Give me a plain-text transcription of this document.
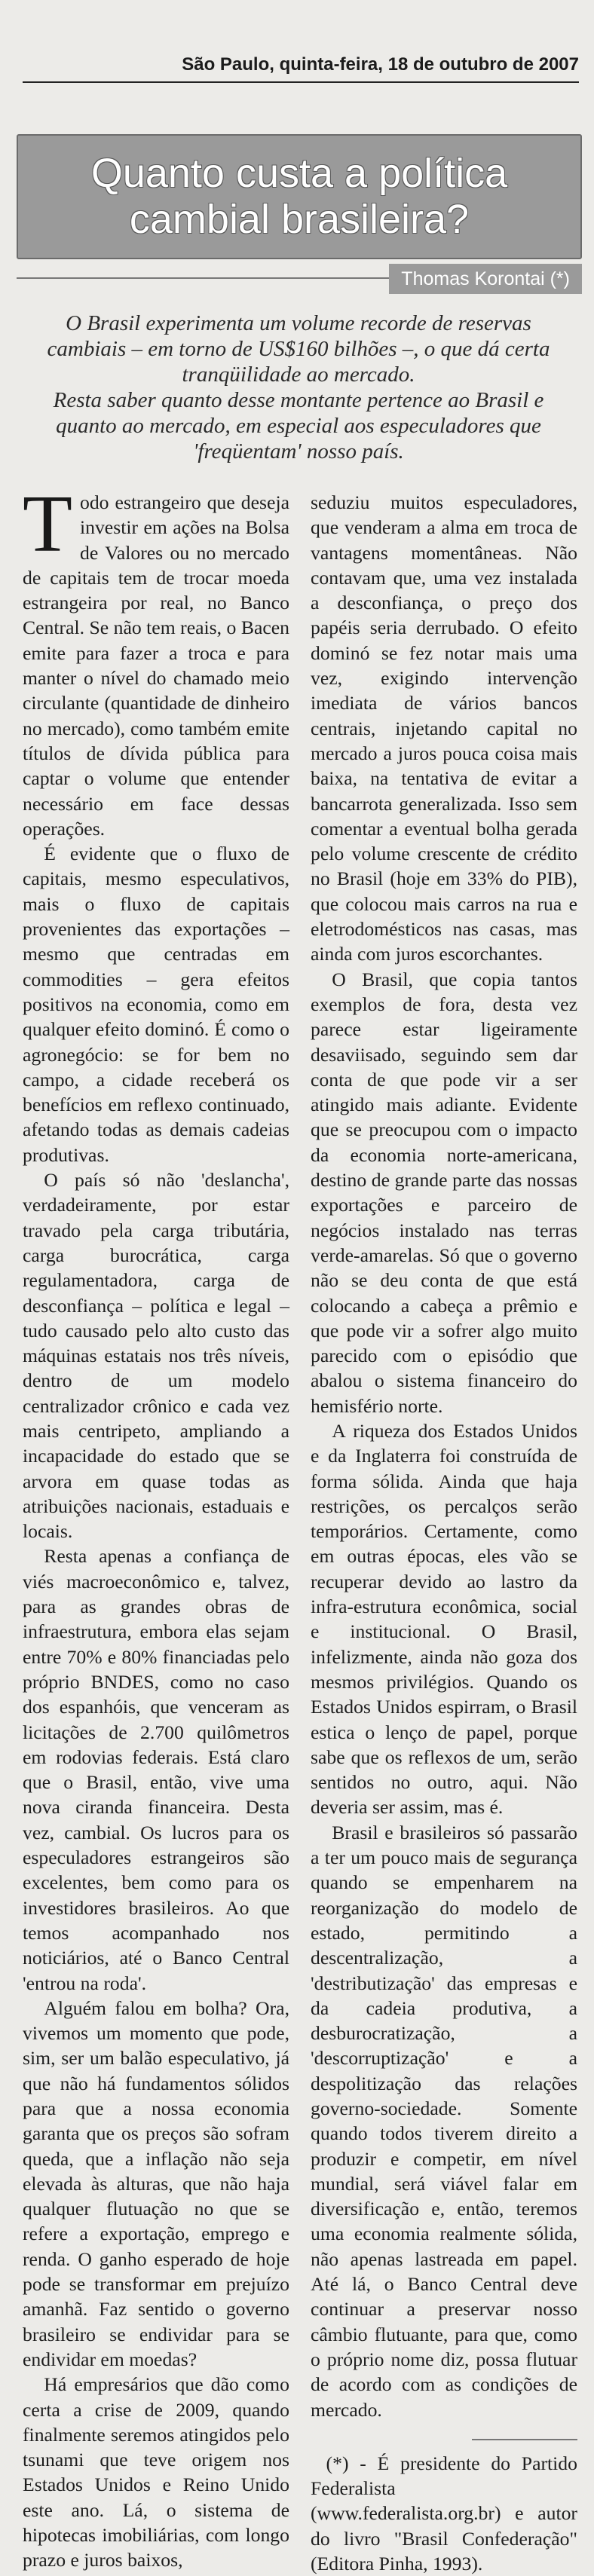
São Paulo, quinta-feira, 18 de outubro de 2007
Quanto custa a política cambial brasileira?
Thomas Korontai (*)

O Brasil experimenta um volume recorde de reservas cambiais – em torno de US$160 bilhões –, o que dá certa tranqüilidade ao mercado.

Resta saber quanto desse montante pertence ao Brasil e quanto ao mercado, em especial aos especuladores que 'freqüentam' nosso país.

Todo estrangeiro que deseja investir em ações na Bolsa de Valores ou no mercado de capitais tem de trocar moeda estrangeira por real, no Banco Central. Se não tem reais, o Bacen emite para fazer a troca e para manter o nível do chamado meio circulante (quantidade de dinheiro no mercado), como também emite títulos de dívida pública para captar o volume que entender necessário em face dessas operações.

É evidente que o fluxo de capitais, mesmo especulativos, mais o fluxo de capitais provenientes das exportações – mesmo que centradas em commodities – gera efeitos positivos na economia, como em qualquer efeito dominó. É como o agronegócio: se for bem no campo, a cidade receberá os benefícios em reflexo continuado, afetando todas as demais cadeias produtivas.

O país só não 'deslancha', verdadeiramente, por estar travado pela carga tributária, carga burocrática, carga regulamentadora, carga de desconfiança – política e legal – tudo causado pelo alto custo das máquinas estatais nos três níveis, dentro de um modelo centralizador crônico e cada vez mais centripeto, ampliando a incapacidade do estado que se arvora em quase todas as atribuições nacionais, estaduais e locais.

Resta apenas a confiança de viés macroeconômico e, talvez, para as grandes obras de infraestrutura, embora elas sejam entre 70% e 80% financiadas pelo próprio BNDES, como no caso dos espanhóis, que venceram as licitações de 2.700 quilômetros em rodovias federais. Está claro que o Brasil, então, vive uma nova ciranda financeira. Desta vez, cambial. Os lucros para os especuladores estrangeiros são excelentes, bem como para os investidores brasileiros. Ao que temos acompanhado nos noticiários, até o Banco Central 'entrou na roda'.

Alguém falou em bolha? Ora, vivemos um momento que pode, sim, ser um balão especulativo, já que não há fundamentos sólidos para que a nossa economia garanta que os preços são sofram queda, que a inflação não seja elevada às alturas, que não haja qualquer flutuação no que se refere a exportação, emprego e renda. O ganho esperado de hoje pode se transformar em prejuízo amanhã. Faz sentido o governo brasileiro se endividar para se endividar em moedas?

Há empresários que dão como certa a crise de 2009, quando finalmente seremos atingidos pelo tsunami que teve origem nos Estados Unidos e Reino Unido este ano. Lá, o sistema de hipotecas imobiliárias, com longo prazo e juros baixos,

seduziu muitos especuladores, que venderam a alma em troca de vantagens momentâneas. Não contavam que, uma vez instalada a desconfiança, o preço dos papéis seria derrubado. O efeito dominó se fez notar mais uma vez, exigindo intervenção imediata de vários bancos centrais, injetando capital no mercado a juros pouca coisa mais baixa, na tentativa de evitar a bancarrota generalizada. Isso sem comentar a eventual bolha gerada pelo volume crescente de crédito no Brasil (hoje em 33% do PIB), que colocou mais carros na rua e eletrodomésticos nas casas, mas ainda com juros escorchantes.

O Brasil, que copia tantos exemplos de fora, desta vez parece estar ligeiramente desaviisado, seguindo sem dar conta de que pode vir a ser atingido mais adiante. Evidente que se preocupou com o impacto da economia norte-americana, destino de grande parte das nossas exportações e parceiro de negócios instalado nas terras verde-amarelas. Só que o governo não se deu conta de que está colocando a cabeça a prêmio e que pode vir a sofrer algo muito parecido com o episódio que abalou o sistema financeiro do hemisfério norte.

A riqueza dos Estados Unidos e da Inglaterra foi construída de forma sólida. Ainda que haja restrições, os percalços serão temporários. Certamente, como em outras épocas, eles vão se recuperar devido ao lastro da infra-estrutura econômica, social e institucional. O Brasil, infelizmente, ainda não goza dos mesmos privilégios. Quando os Estados Unidos espirram, o Brasil estica o lenço de papel, porque sabe que os reflexos de um, serão sentidos no outro, aqui. Não deveria ser assim, mas é.

Brasil e brasileiros só passarão a ter um pouco mais de segurança quando se empenharem na reorganização do modelo de estado, permitindo a descentralização, a 'destributização' das empresas e da cadeia produtiva, a desburocratização, a 'descorruptização' e a despolitização das relações governo-sociedade. Somente quando todos tiverem direito a produzir e competir, em nível mundial, será viável falar em diversificação e, então, teremos uma economia realmente sólida, não apenas lastreada em papel. Até lá, o Banco Central deve continuar a preservar nosso câmbio flutuante, para que, como o próprio nome diz, possa flutuar de acordo com as condições de mercado.

(*) - É presidente do Partido Federalista (www.federalista.org.br) e autor do livro "Brasil Confederação" (Editora Pinha, 1993).
